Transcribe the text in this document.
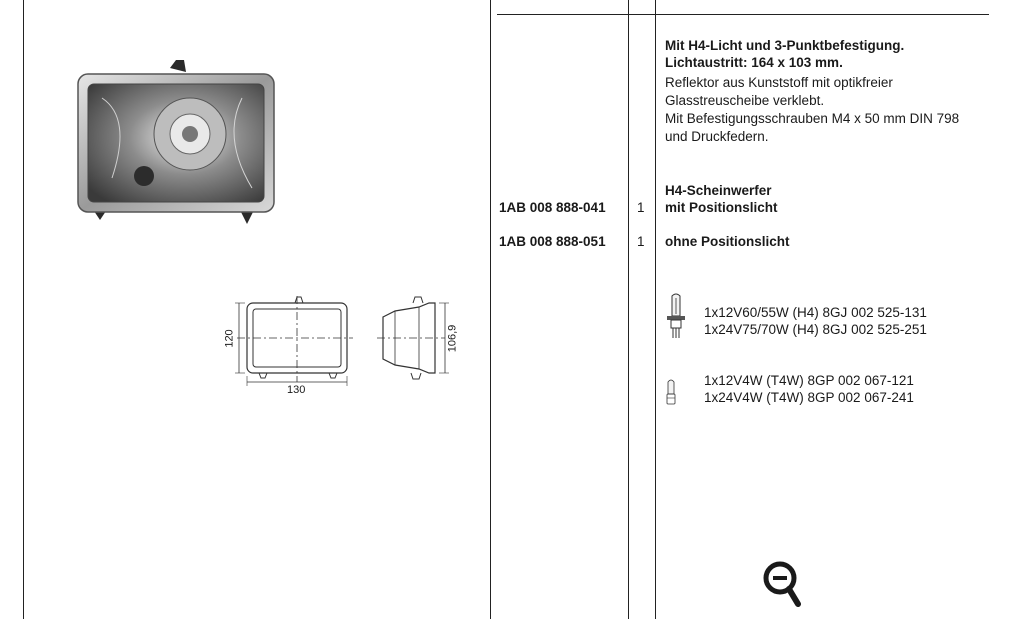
120
130
106,9
Mit H4-Licht und 3-Punktbefestigung.
Lichtaustritt: 164 x 103 mm.
Reflektor aus Kunststoff mit optikfreier
Glasstreuscheibe verklebt.
Mit Befestigungsschrauben M4 x 50 mm DIN 798
und Druckfedern.
H4-Scheinwerfer
1AB 008 888-041 1 mit Positionslicht
1AB 008 888-051 1 ohne Positionslicht
1x12V60/55W (H4) 8GJ 002 525-131
1x24V75/70W (H4) 8GJ 002 525-251
1x12V4W (T4W) 8GP 002 067-121
1x24V4W (T4W) 8GP 002 067-241
